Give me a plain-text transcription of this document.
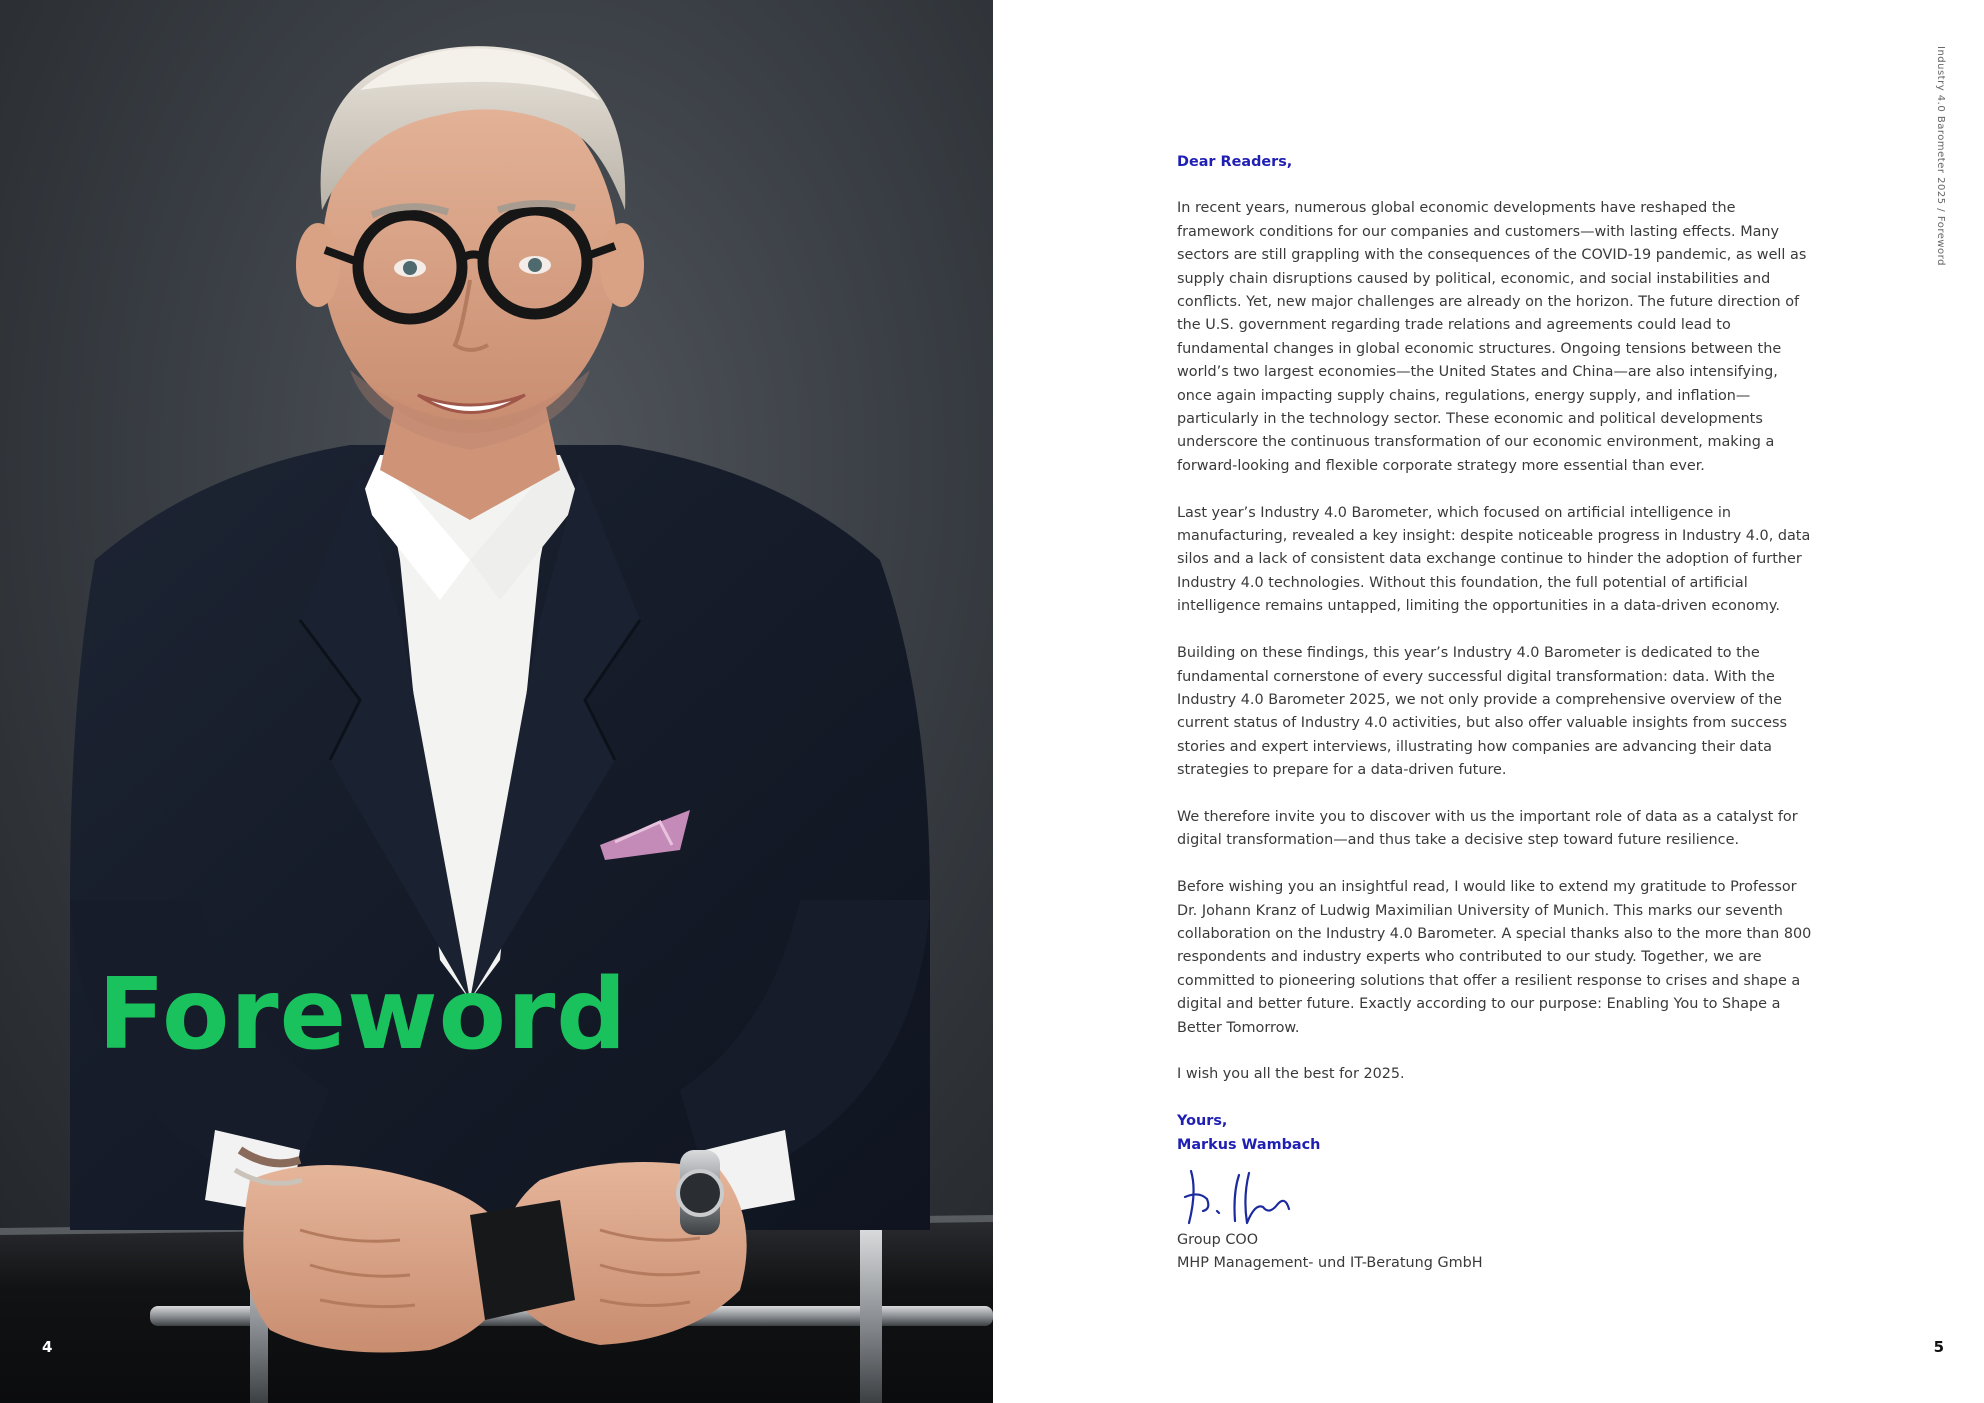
Foreword
4
Industry 4.0 Barometer 2025 / Foreword
5

Dear Readers,

In recent years, numerous global economic developments have reshaped the framework conditions for our companies and customers—with lasting effects. Many sectors are still grappling with the consequences of the COVID-19 pandemic, as well as supply chain disruptions caused by political, economic, and social instabilities and conflicts. Yet, new major challenges are already on the horizon. The future direction of the U.S. government regarding trade relations and agreements could lead to fundamental changes in global economic structures. Ongoing tensions between the world’s two largest economies—the United States and China—are also intensifying, once again impacting supply chains, regulations, energy supply, and inflation—particularly in the technology sector. These economic and political developments underscore the continuous transformation of our economic environment, making a forward-looking and flexible corporate strategy more essential than ever.

Last year’s Industry 4.0 Barometer, which focused on artificial intelligence in manufacturing, revealed a key insight: despite noticeable progress in Industry 4.0, data silos and a lack of consistent data exchange continue to hinder the adoption of further Industry 4.0 technologies. Without this foundation, the full potential of artificial intelligence remains untapped, limiting the opportunities in a data-driven economy.

Building on these findings, this year’s Industry 4.0 Barometer is dedicated to the fundamental cornerstone of every successful digital transformation: data. With the Industry 4.0 Barometer 2025, we not only provide a comprehensive overview of the current status of Industry 4.0 activities, but also offer valuable insights from success stories and expert interviews, illustrating how companies are advancing their data strategies to prepare for a data-driven future.

We therefore invite you to discover with us the important role of data as a catalyst for digital transformation—and thus take a decisive step toward future resilience.

Before wishing you an insightful read, I would like to extend my gratitude to Professor Dr. Johann Kranz of Ludwig Maximilian University of Munich. This marks our seventh collaboration on the Industry 4.0 Barometer. A special thanks also to the more than 800 respondents and industry experts who contributed to our study. Together, we are committed to pioneering solutions that offer a resilient response to crises and shape a digital and better future. Exactly according to our purpose: Enabling You to Shape a Better Tomorrow.

I wish you all the best for 2025.

Yours,

Markus Wambach

Group COO

MHP Management- und IT-Beratung GmbH
